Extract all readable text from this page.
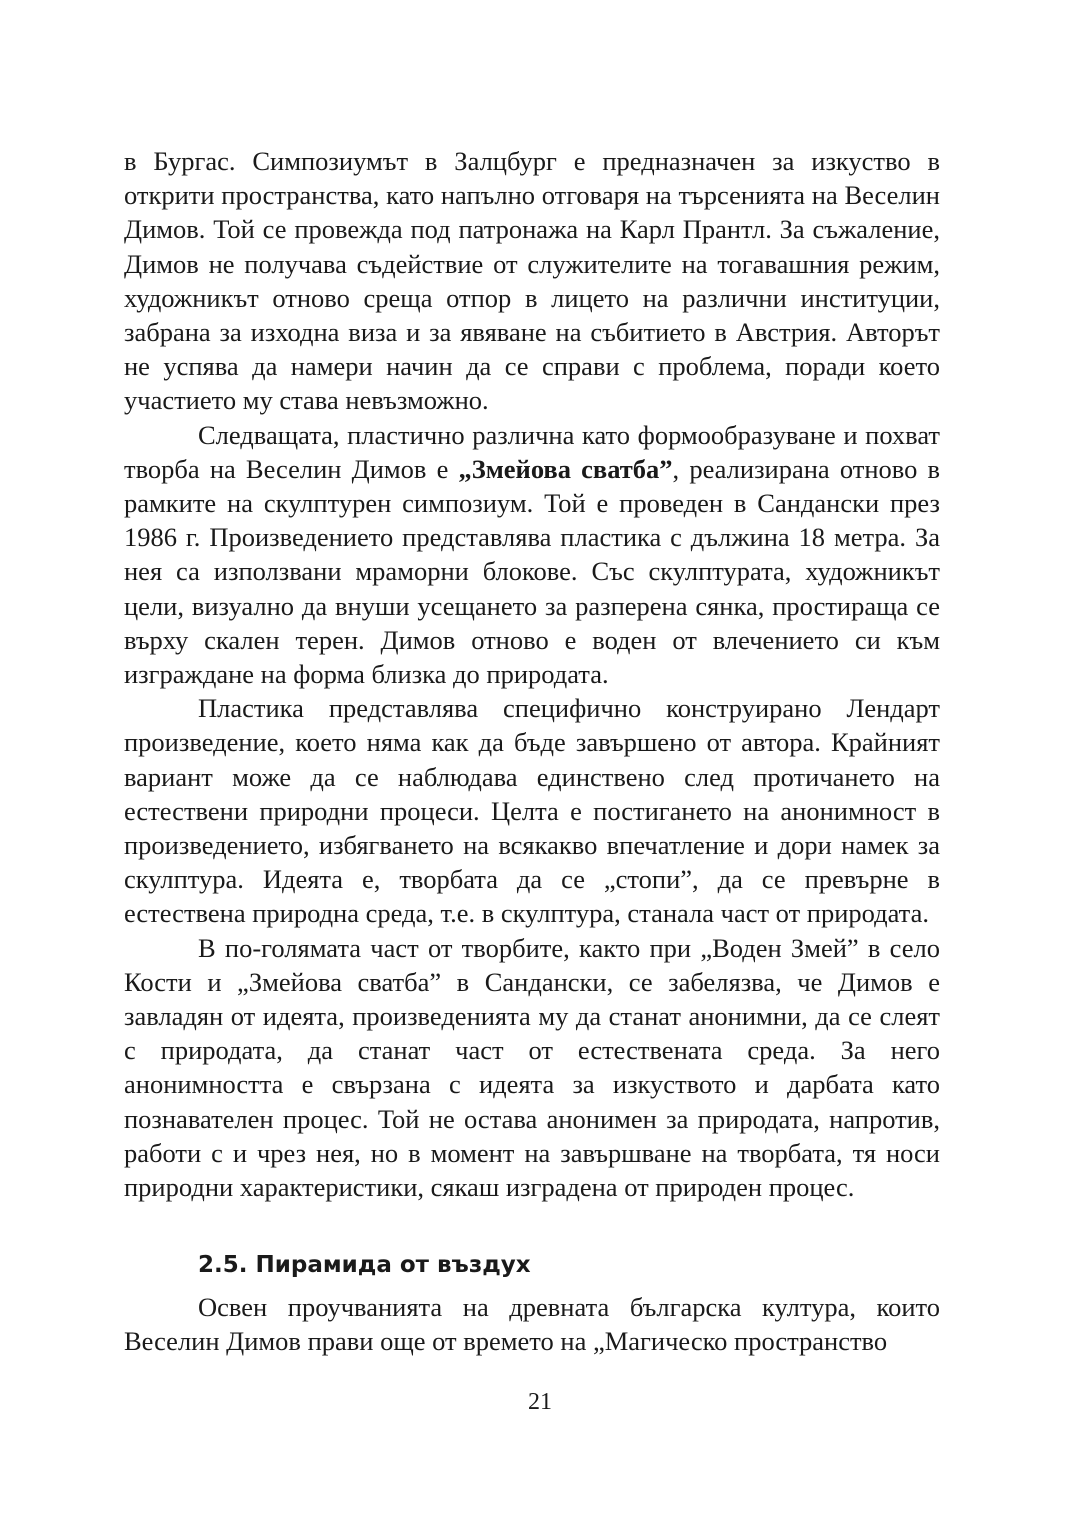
в Бургас. Симпозиумът в Залцбург е предназначен за изкуство в открити пространства, като напълно отговаря на търсенията на Веселин Димов. Той се провежда под патронажа на Карл Прантл. За съжаление, Димов не получава съдействие от служителите на тогавашния режим, художникът отново среща отпор в лицето на различни институции, забрана за изходна виза и за явяване на събитието в Австрия. Авторът не успява да намери начин да се справи с проблема, поради което участието му става невъзможно.

Следващата, пластично различна като формообразуване и похват творба на Веселин Димов е „Змейова сватба”, реализирана отново в рамките на скулптурен симпозиум. Той е проведен в Сандански през 1986 г. Произведението представлява пластика с дължина 18 метра. За нея са използвани мраморни блокове. Със скулптурата, художникът цели, визуално да внуши усещането за разперена сянка, простираща се върху скален терен. Димов отново е воден от влечението си към изграждане на форма близка до природата.

Пластика представлява специфично конструирано Лендарт произведение, което няма как да бъде завършено от автора. Крайният вариант може да се наблюдава единствено след протичането на естествени природни процеси. Целта е постигането на анонимност в произведението, избягването на всякакво впечатление и дори намек за скулптура. Идеята е, творбата да се „стопи”, да се превърне в естествена природна среда, т.е. в скулптура, станала част от природата.

В по-голямата част от творбите, както при „Воден Змей” в село Кости и „Змейова сватба” в Сандански, се забелязва, че Димов е завладян от идеята, произведенията му да станат анонимни, да се слеят с природата, да станат част от естествената среда. За него анонимността е свързана с идеята за изкуството и дарбата като познавателен процес. Той не остава анонимен за природата, напротив, работи с и чрез нея, но в момент на завършване на творбата, тя носи природни характеристики, сякаш изградена от природен процес.

2.5. Пирамида от въздух

Освен проучванията на древната българска култура, които Веселин Димов прави още от времето на „Магическо пространство

21
